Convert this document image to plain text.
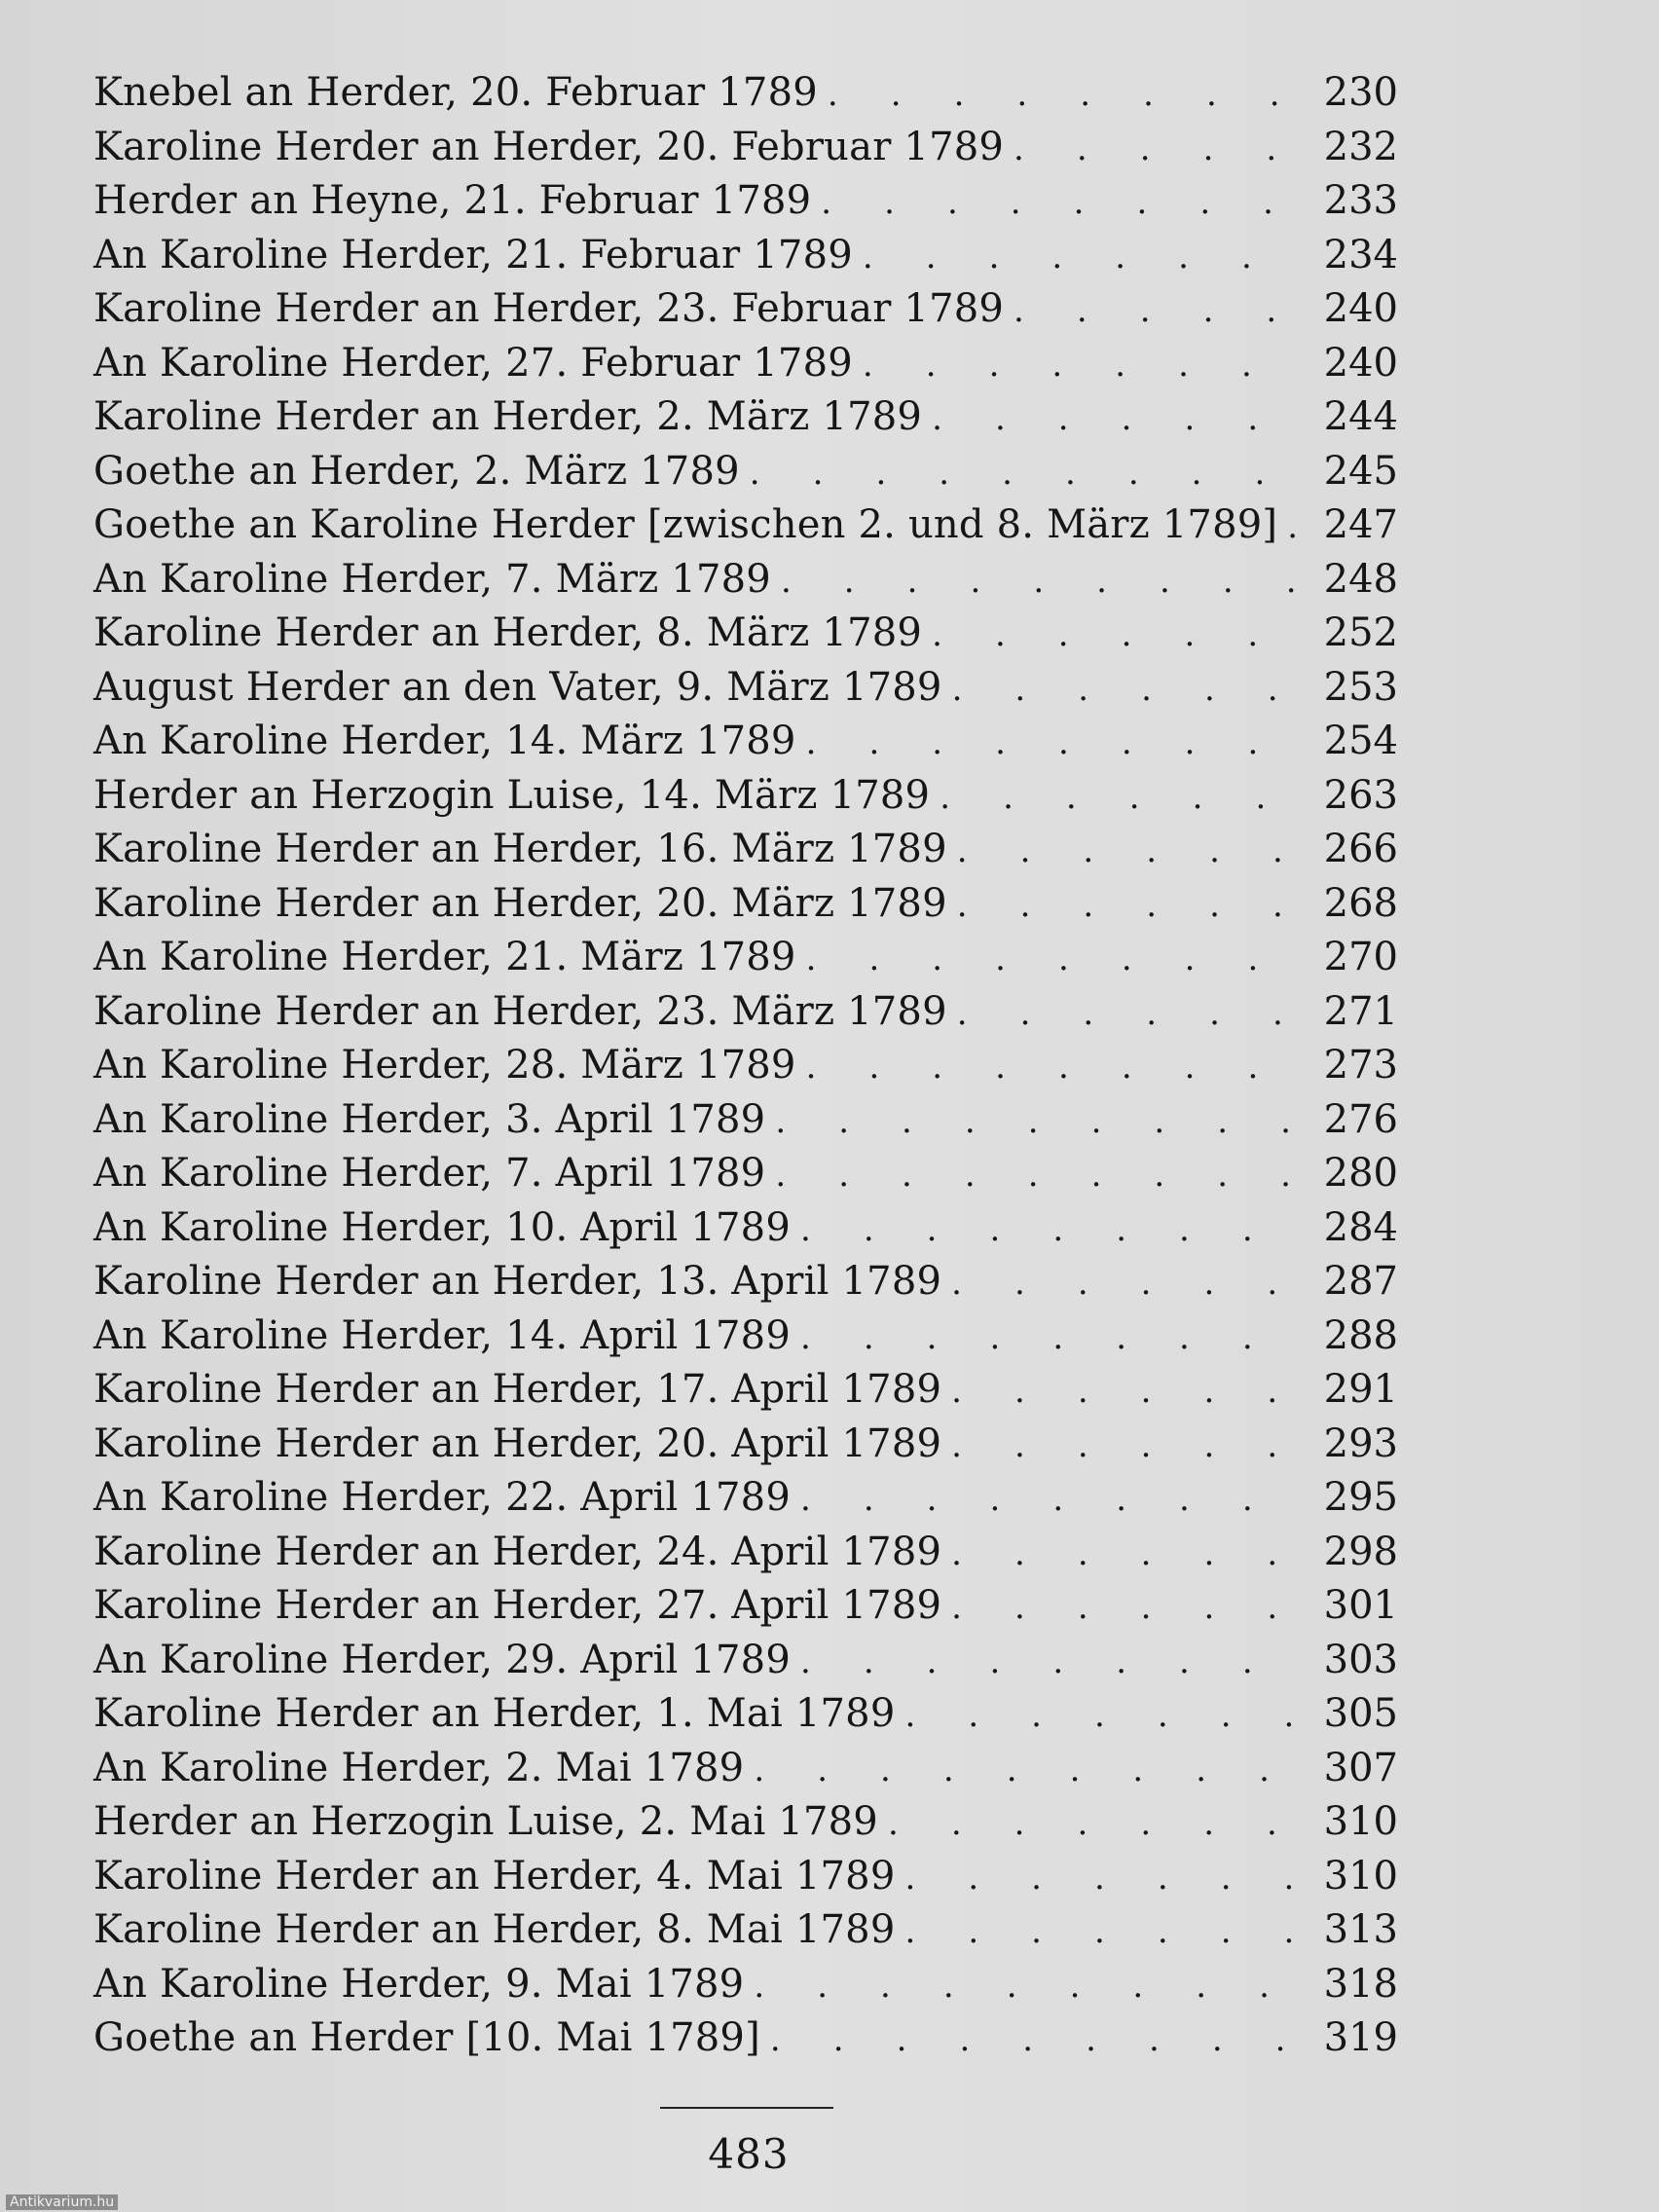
Knebel an Herder, 20. Februar 1789 .	230
Karoline Herder an Herder, 20. Februar 1789 .	232
Herder an Heyne, 21. Februar 1789 .	233
An Karoline Herder, 21. Februar 1789 .	234
Karoline Herder an Herder, 23. Februar 1789 .	240
An Karoline Herder, 27. Februar 1789 .	240
Karoline Herder an Herder, 2. März 1789 .	244
Goethe an Herder, 2. März 1789 .	245
Goethe an Karoline Herder [zwischen 2. und 8. März 1789] .	247
An Karoline Herder, 7. März 1789 .	248
Karoline Herder an Herder, 8. März 1789 .	252
August Herder an den Vater, 9. März 1789 .	253
An Karoline Herder, 14. März 1789 .	254
Herder an Herzogin Luise, 14. März 1789 .	263
Karoline Herder an Herder, 16. März 1789 .	266
Karoline Herder an Herder, 20. März 1789 .	268
An Karoline Herder, 21. März 1789 .	270
Karoline Herder an Herder, 23. März 1789 .	271
An Karoline Herder, 28. März 1789 .	273
An Karoline Herder, 3. April 1789 .	276
An Karoline Herder, 7. April 1789 .	280
An Karoline Herder, 10. April 1789 .	284
Karoline Herder an Herder, 13. April 1789 .	287
An Karoline Herder, 14. April 1789 .	288
Karoline Herder an Herder, 17. April 1789 .	291
Karoline Herder an Herder, 20. April 1789 .	293
An Karoline Herder, 22. April 1789 .	295
Karoline Herder an Herder, 24. April 1789 .	298
Karoline Herder an Herder, 27. April 1789 .	301
An Karoline Herder, 29. April 1789 .	303
Karoline Herder an Herder, 1. Mai 1789 .	305
An Karoline Herder, 2. Mai 1789 .	307
Herder an Herzogin Luise, 2. Mai 1789 .	310
Karoline Herder an Herder, 4. Mai 1789 .	310
Karoline Herder an Herder, 8. Mai 1789 .	313
An Karoline Herder, 9. Mai 1789 .	318
Goethe an Herder [10. Mai 1789] .	319
483
Antikvarium.hu
